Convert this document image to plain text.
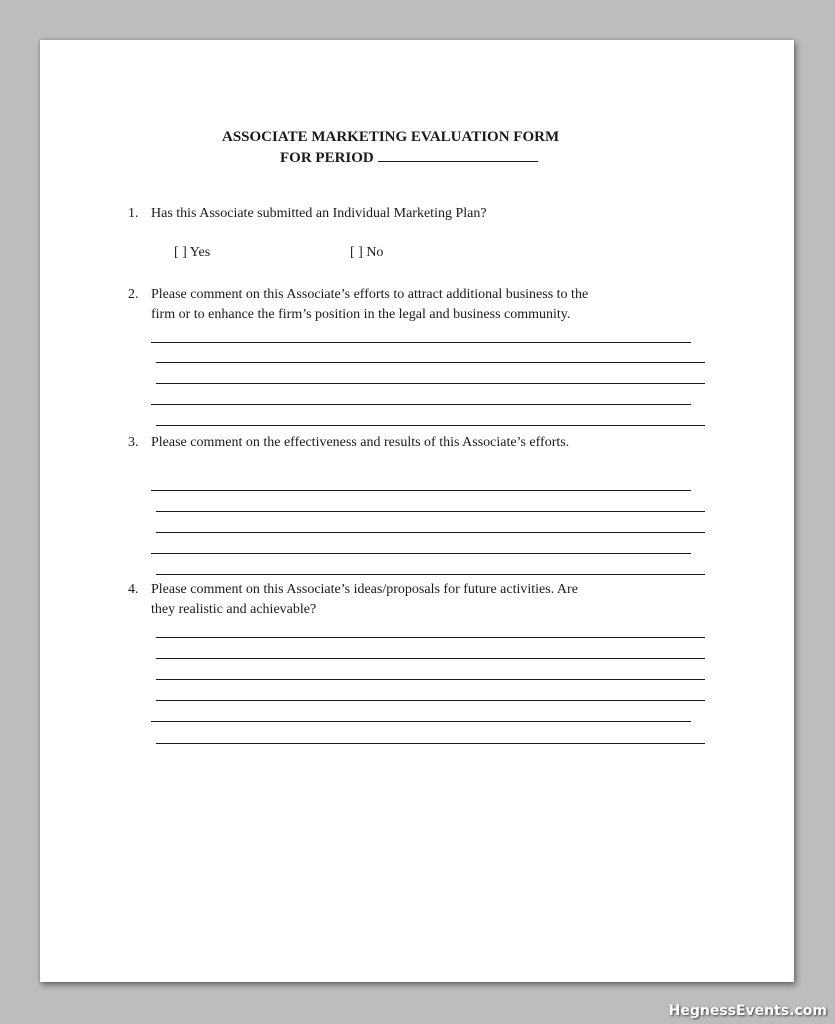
ASSOCIATE MARKETING EVALUATION FORM
FOR PERIOD
1. Has this Associate submitted an Individual Marketing Plan?
[ ] Yes	[ ] No
2. Please comment on this Associate’s efforts to attract additional business to the
firm or to enhance the firm’s position in the legal and business community.
3. Please comment on the effectiveness and results of this Associate’s efforts.
4. Please comment on this Associate’s ideas/proposals for future activities. Are
they realistic and achievable?
HegnessEvents.com
